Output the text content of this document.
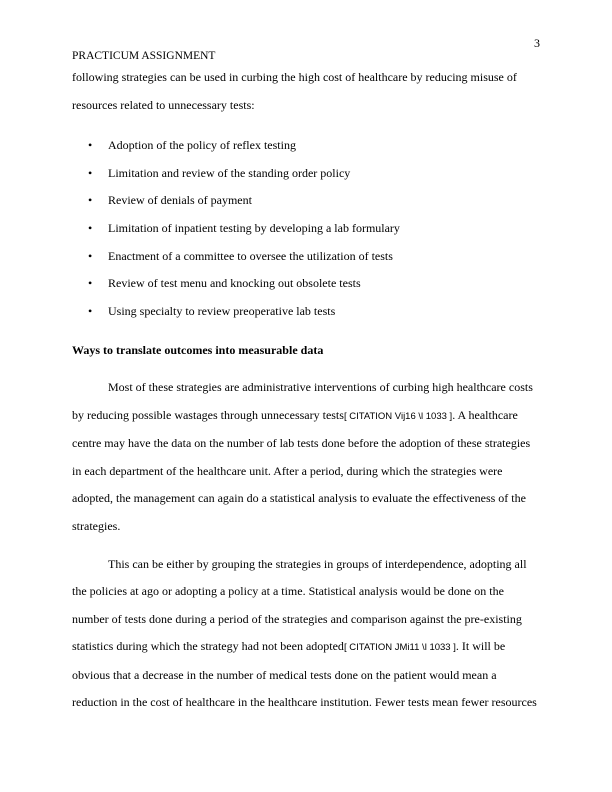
3
PRACTICUM ASSIGNMENT

following strategies can be used in curbing the high cost of healthcare by reducing misuse of

resources related to unnecessary tests:

• Adoption of the policy of reflex testing
• Limitation and review of the standing order policy
• Review of denials of payment
• Limitation of inpatient testing by developing a lab formulary
• Enactment of a committee to oversee the utilization of tests
• Review of test menu and knocking out obsolete tests
• Using specialty to review preoperative lab tests

Ways to translate outcomes into measurable data

Most of these strategies are administrative interventions of curbing high healthcare costs

by reducing possible wastages through unnecessary tests[ CITATION Vij16 \l 1033 ]. A healthcare

centre may have the data on the number of lab tests done before the adoption of these strategies

in each department of the healthcare unit. After a period, during which the strategies were

adopted, the management can again do a statistical analysis to evaluate the effectiveness of the

strategies.

This can be either by grouping the strategies in groups of interdependence, adopting all

the policies at ago or adopting a policy at a time. Statistical analysis would be done on the

number of tests done during a period of the strategies and comparison against the pre-existing

statistics during which the strategy had not been adopted[ CITATION JMi11 \l 1033 ]. It will be

obvious that a decrease in the number of medical tests done on the patient would mean a

reduction in the cost of healthcare in the healthcare institution. Fewer tests mean fewer resources
